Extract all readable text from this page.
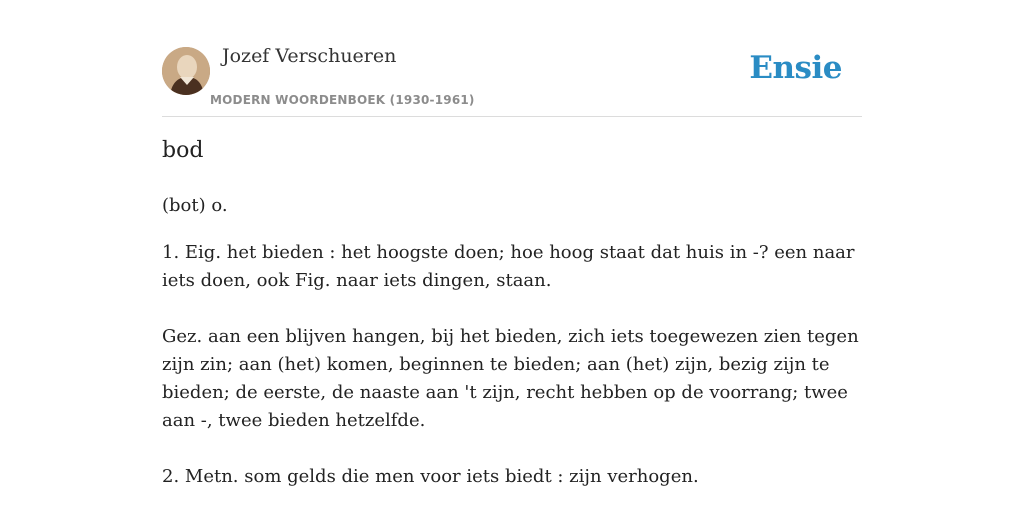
Jozef Verschueren
MODERN WOORDENBOEK (1930-1961)
Ensie
bod

(bot) o.

1. Eig. het bieden : het hoogste doen; hoe hoog staat dat huis in -? een naar iets doen, ook Fig. naar iets dingen, staan.

Gez. aan een blijven hangen, bij het bieden, zich iets toegewezen zien tegen zijn zin; aan (het) komen, beginnen te bieden; aan (het) zijn, bezig zijn te bieden; de eerste, de naaste aan 't zijn, recht hebben op de voorrang; twee aan -, twee bieden hetzelfde.

2. Metn. som gelds die men voor iets biedt : zijn verhogen.
